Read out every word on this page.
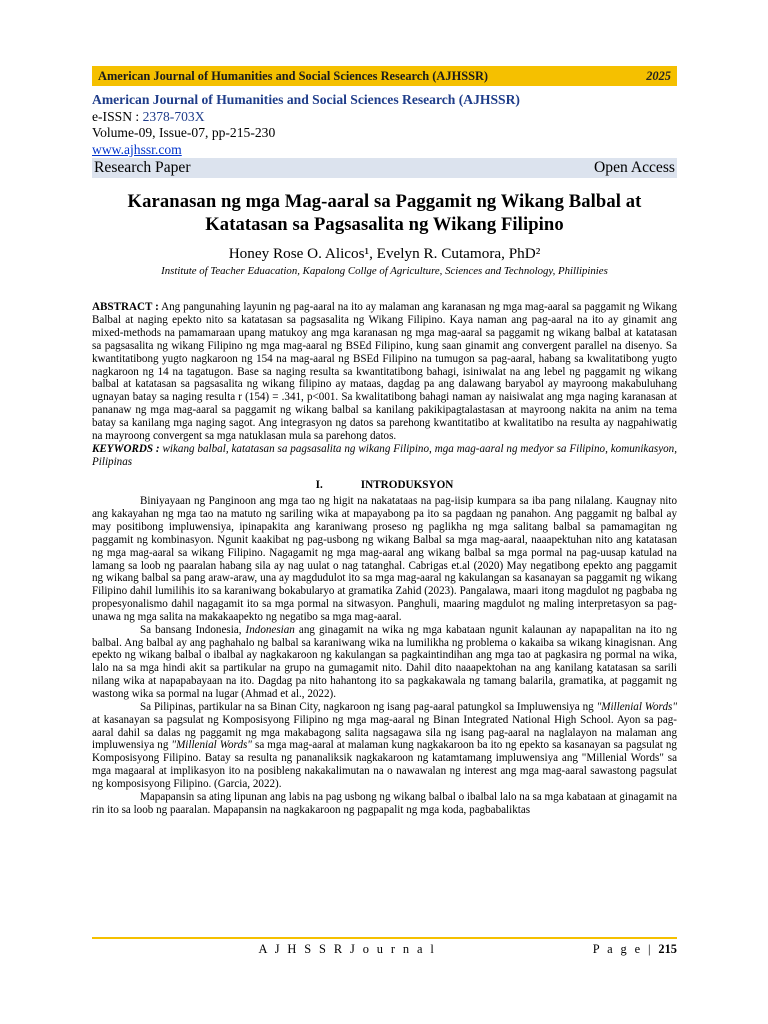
American Journal of Humanities and Social Sciences Research (AJHSSR)	2025
American Journal of Humanities and Social Sciences Research (AJHSSR)
e-ISSN : 2378-703X
Volume-09, Issue-07, pp-215-230
www.ajhssr.com
Research Paper	Open Access
Karanasan ng mga Mag-aaral sa Paggamit ng Wikang Balbal at
Katatasan sa Pagsasalita ng Wikang Filipino
Honey Rose O. Alicos¹, Evelyn R. Cutamora, PhD²
Institute of Teacher Eduacation, Kapalong Collge of Agriculture, Sciences and Technology, Phillipinies
ABSTRACT : Ang pangunahing layunin ng pag-aaral na ito ay malaman ang karanasan ng mga mag-aaral sa paggamit ng Wikang Balbal at naging epekto nito sa katatasan sa pagsasalita ng Wikang Filipino. Kaya naman ang pag-aaral na ito ay ginamit ang mixed-methods na pamamaraan upang matukoy ang mga karanasan ng mga mag-aaral sa paggamit ng wikang balbal at katatasan sa pagsasalita ng wikang Filipino ng mga mag-aaral ng BSEd Filipino, kung saan ginamit ang convergent parallel na disenyo. Sa kwantitatibong yugto nagkaroon ng 154 na mag-aaral ng BSEd Filipino na tumugon sa pag-aaral, habang sa kwalitatibong yugto nagkaroon ng 14 na tagatugon. Base sa naging resulta sa kwantitatibong bahagi, isiniwalat na ang lebel ng paggamit ng wikang balbal at katatasan sa pagsasalita ng wikang filipino ay mataas, dagdag pa ang dalawang baryabol ay mayroong makabuluhang ugnayan batay sa naging resulta r (154) = .341, p<001. Sa kwalitatibong bahagi naman ay naisiwalat ang mga naging karanasan at pananaw ng mga mag-aaral sa paggamit ng wikang balbal sa kanilang pakikipagtalastasan at mayroong nakita na anim na tema batay sa kanilang mga naging sagot. Ang integrasyon ng datos sa parehong kwantitatibo at kwalitatibo na resulta ay nagpahiwatig na mayroong convergent sa mga natuklasan mula sa parehong datos.
KEYWORDS : wikang balbal, katatasan sa pagsasalita ng wikang Filipino, mga mag-aaral ng medyor sa Filipino, komunikasyon, Pilipinas
I.	INTRODUKSYON

Biniyayaan ng Panginoon ang mga tao ng higit na nakatataas na pag-iisip kumpara sa iba pang nilalang. Kaugnay nito ang kakayahan ng mga tao na matuto ng sariling wika at mapayabong pa ito sa pagdaan ng panahon. Ang paggamit ng balbal ay may positibong impluwensiya, ipinapakita ang karaniwang proseso ng paglikha ng mga salitang balbal sa pamamagitan ng paggamit ng kombinasyon. Ngunit kaakibat ng pag-usbong ng wikang Balbal sa mga mag-aaral, naaapektuhan nito ang katatasan ng mga mag-aaral sa wikang Filipino. Nagagamit ng mga mag-aaral ang wikang balbal sa mga pormal na pag-uusap katulad na lamang sa loob ng paaralan habang sila ay nag uulat o nag tatanghal. Cabrigas et.al (2020) May negatibong epekto ang paggamit ng wikang balbal sa pang araw-araw, una ay magdudulot ito sa mga mag-aaral ng kakulangan sa kasanayan sa paggamit ng wikang Filipino dahil lumilihis ito sa karaniwang bokabularyo at gramatika Zahid (2023). Pangalawa, maari itong magdulot ng pagbaba ng propesyonalismo dahil nagagamit ito sa mga pormal na sitwasyon. Panghuli, maaring magdulot ng maling interpretasyon sa pag-unawa ng mga salita na makakaapekto ng negatibo sa mga mag-aaral.

Sa bansang Indonesia, Indonesian ang ginagamit na wika ng mga kabataan ngunit kalaunan ay napapalitan na ito ng balbal. Ang balbal ay ang paghahalo ng balbal sa karaniwang wika na lumilikha ng problema o kakaiba sa wikang kinagisnan. Ang epekto ng wikang balbal o ibalbal ay nagkakaroon ng kakulangan sa pagkaintindihan ang mga tao at pagkasira ng pormal na wika, lalo na sa mga hindi akit sa partikular na grupo na gumagamit nito. Dahil dito naaapektohan na ang kanilang katatasan sa sarili nilang wika at napapabayaan na ito. Dagdag pa nito hahantong ito sa pagkakawala ng tamang balarila, gramatika, at paggamit ng wastong wika sa pormal na lugar (Ahmad et al., 2022).

Sa Pilipinas, partikular na sa Binan City, nagkaroon ng isang pag-aaral patungkol sa Impluwensiya ng "Millenial Words" at kasanayan sa pagsulat ng Komposisyong Filipino ng mga mag-aaral ng Binan Integrated National High School. Ayon sa pag-aaral dahil sa dalas ng paggamit ng mga makabagong salita nagsagawa sila ng isang pag-aaral na naglalayon na malaman ang impluwensiya ng "Millenial Words" sa mga mag-aaral at malaman kung nagkakaroon ba ito ng epekto sa kasanayan sa pagsulat ng Komposisyong Filipino. Batay sa resulta ng pananaliksik nagkakaroon ng katamtamang impluwensiya ang "Millenial Words" sa mga magaaral at implikasyon ito na posibleng nakakalimutan na o nawawalan ng interest ang mga mag-aaral sawastong pagsulat ng komposisyong Filipino. (Garcia, 2022).

Mapapansin sa ating lipunan ang labis na pag usbong ng wikang balbal o ibalbal lalo na sa mga kabataan at ginagamit na rin ito sa loob ng paaralan. Mapapansin na nagkakaroon ng pagpapalit ng mga koda, pagbabaliktas

A J H S S R J o u r n a l	P a g e | 215
